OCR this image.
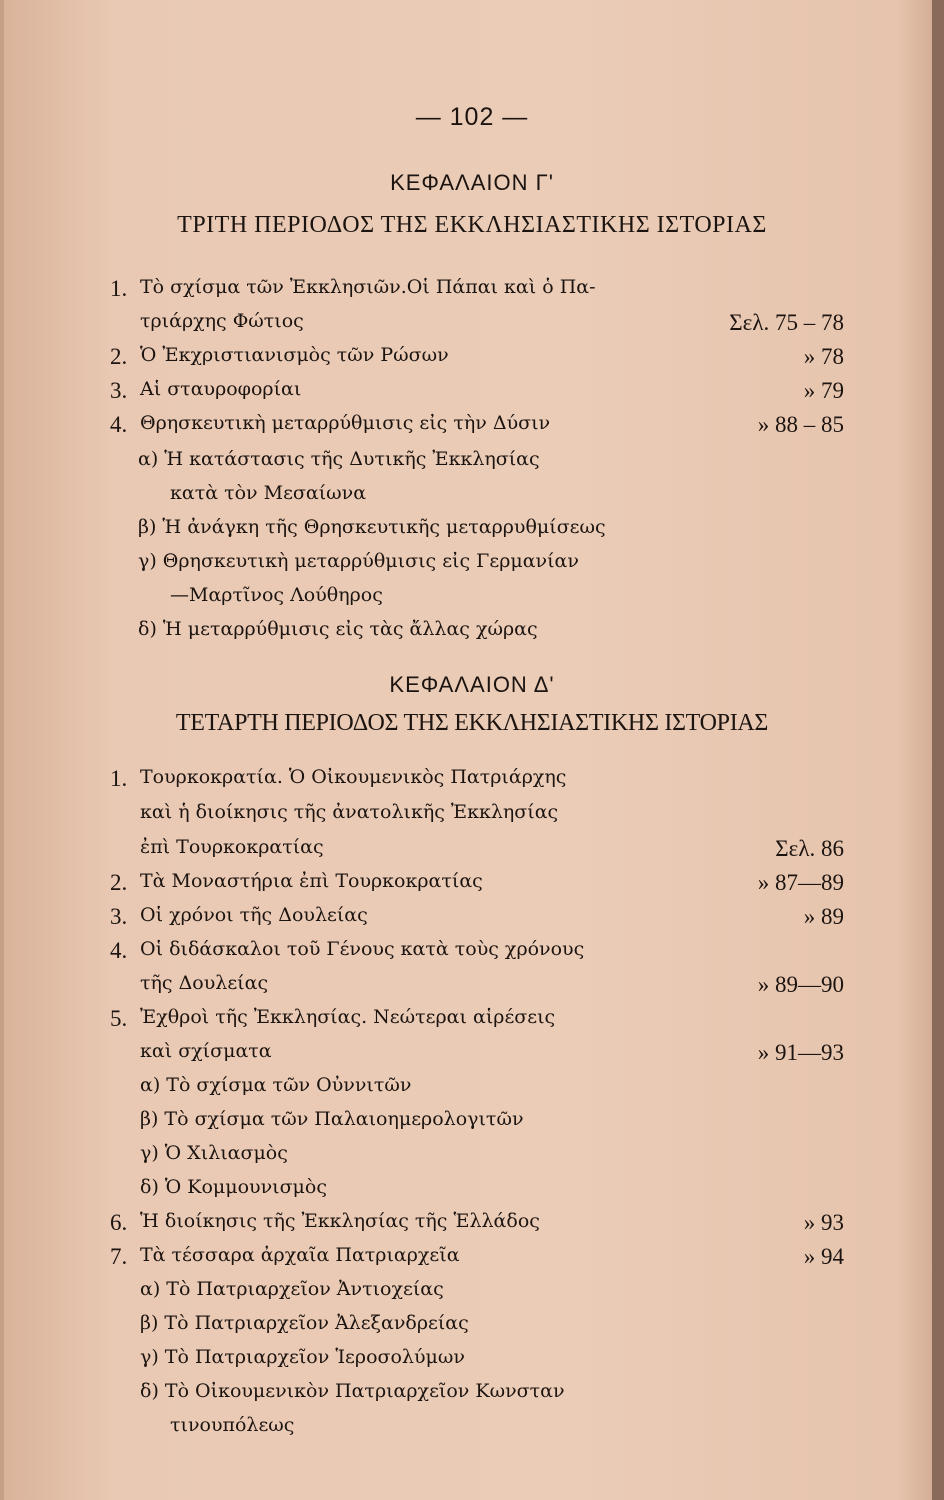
— 102 —
ΚΕΦΑΛΑΙΟΝ Γ'
ΤΡΙΤΗ ΠΕΡΙΟΔΟΣ ΤΗΣ ΕΚΚΛΗΣΙΑΣΤΙΚΗΣ ΙΣΤΟΡΙΑΣ
1. Τὸ σχίσμα τῶν Ἐκκλησιῶν.Οἱ Πάπαι καὶ ὁ Πα-
τριάρχης Φώτιος	Σελ. 75 – 78
2. Ὁ Ἐκχριστιανισμὸς τῶν Ρώσων	» 78
3. Αἱ σταυροφορίαι	» 79
4. Θρησκευτικὴ μεταρρύθμισις εἰς τὴν Δύσιν	» 88 – 85
α) Ἡ κατάστασις τῆς Δυτικῆς Ἐκκλησίας
κατὰ τὸν Μεσαίωνα
β) Ἡ ἀνάγκη τῆς Θρησκευτικῆς μεταρρυθμίσεως
γ) Θρησκευτικὴ μεταρρύθμισις εἰς Γερμανίαν
—Μαρτῖνος Λούθηρος
δ) Ἡ μεταρρύθμισις εἰς τὰς ἄλλας χώρας
ΚΕΦΑΛΑΙΟΝ Δ'
ΤΕΤΑΡΤΗ ΠΕΡΙΟΔΟΣ ΤΗΣ ΕΚΚΛΗΣΙΑΣΤΙΚΗΣ ΙΣΤΟΡΙΑΣ
1. Τουρκοκρατία. Ὁ Οἰκουμενικὸς Πατριάρχης
καὶ ἡ διοίκησις τῆς ἀνατολικῆς Ἐκκλησίας
ἐπὶ Τουρκοκρατίας	Σελ. 86
2. Τὰ Μοναστήρια ἐπὶ Τουρκοκρατίας	» 87—89
3. Οἱ χρόνοι τῆς Δουλείας	» 89
4. Οἱ διδάσκαλοι τοῦ Γένους κατὰ τοὺς χρόνους
τῆς Δουλείας	» 89—90
5. Ἐχθροὶ τῆς Ἐκκλησίας. Νεώτεραι αἱρέσεις
καὶ σχίσματα	» 91—93
α) Τὸ σχίσμα τῶν Οὐννιτῶν
β) Τὸ σχίσμα τῶν Παλαιοημερολογιτῶν
γ) Ὁ Χιλιασμὸς
δ) Ὁ Κομμουνισμὸς
6. Ἡ διοίκησις τῆς Ἐκκλησίας τῆς Ἑλλάδος	» 93
7. Τὰ τέσσαρα ἀρχαῖα Πατριαρχεῖα	» 94
α) Τὸ Πατριαρχεῖον Ἀντιοχείας
β) Τὸ Πατριαρχεῖον Ἀλεξανδρείας
γ) Τὸ Πατριαρχεῖον Ἱεροσολύμων
δ) Τὸ Οἰκουμενικὸν Πατριαρχεῖον Κωνσταν
τινουπόλεως
